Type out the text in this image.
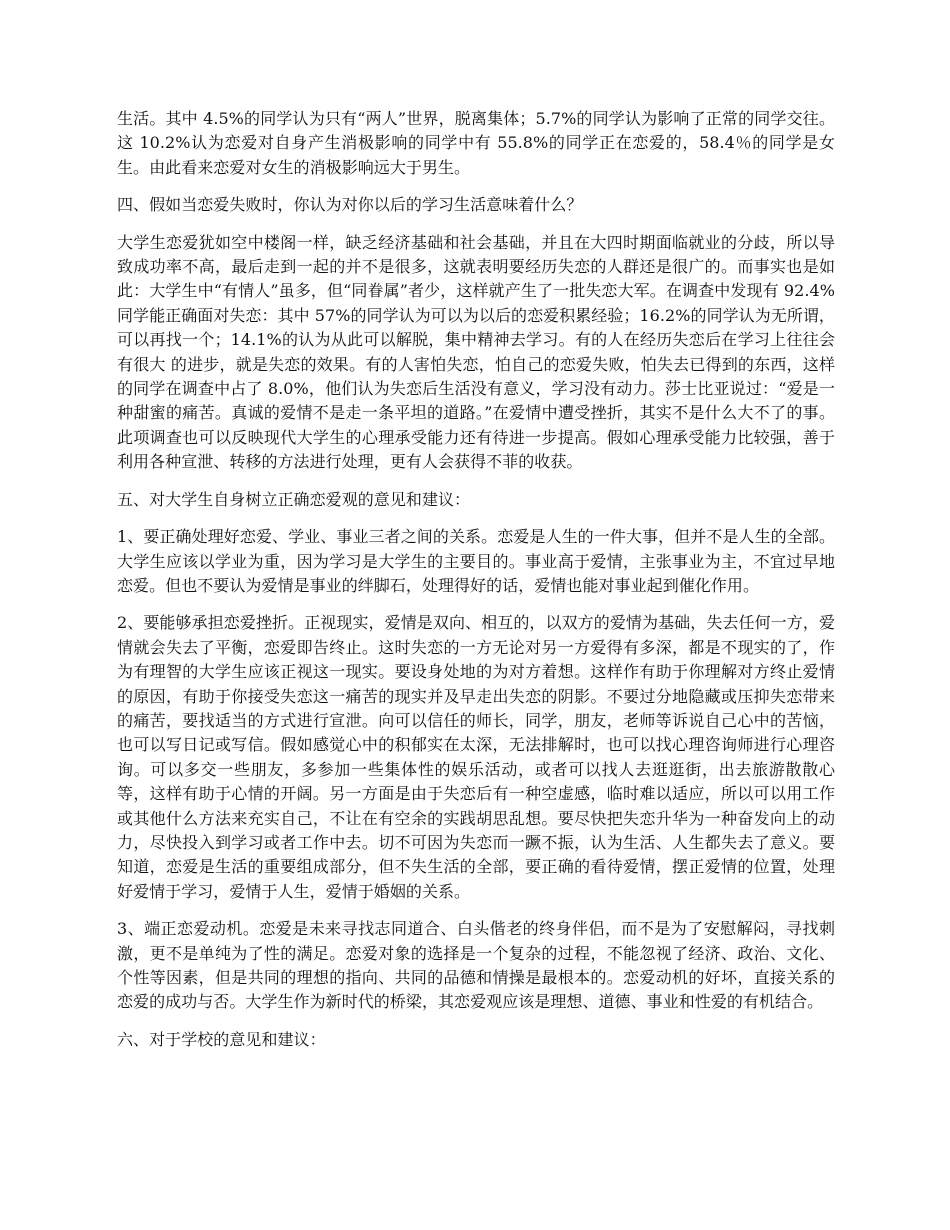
生活。其中 4.5%的同学认为只有“两人”世界，脱离集体；5.7%的同学认为影响了正常的同学交往。这 10.2%认为恋爱对自身产生消极影响的同学中有 55.8%的同学正在恋爱的，58.4％的同学是女生。由此看来恋爱对女生的消极影响远大于男生。

四、假如当恋爱失败时，你认为对你以后的学习生活意味着什么？

大学生恋爱犹如空中楼阁一样，缺乏经济基础和社会基础，并且在大四时期面临就业的分歧，所以导致成功率不高，最后走到一起的并不是很多，这就表明要经历失恋的人群还是很广的。而事实也是如此：大学生中“有情人”虽多，但“同眷属”者少，这样就产生了一批失恋大军。在调查中发现有 92.4%同学能正确面对失恋：其中 57%的同学认为可以为以后的恋爱积累经验；16.2%的同学认为无所谓，可以再找一个；14.1%的认为从此可以解脱，集中精神去学习。有的人在经历失恋后在学习上往往会有很大 的进步，就是失恋的效果。有的人害怕失恋，怕自己的恋爱失败，怕失去已得到的东西，这样的同学在调查中占了 8.0%，他们认为失恋后生活没有意义，学习没有动力。莎士比亚说过：“爱是一种甜蜜的痛苦。真诚的爱情不是走一条平坦的道路。”在爱情中遭受挫折，其实不是什么大不了的事。此项调查也可以反映现代大学生的心理承受能力还有待进一步提高。假如心理承受能力比较强，善于利用各种宣泄、转移的方法进行处理，更有人会获得不菲的收获。

五、对大学生自身树立正确恋爱观的意见和建议：

1、要正确处理好恋爱、学业、事业三者之间的关系。恋爱是人生的一件大事，但并不是人生的全部。大学生应该以学业为重，因为学习是大学生的主要目的。事业高于爱情，主张事业为主，不宜过早地恋爱。但也不要认为爱情是事业的绊脚石，处理得好的话，爱情也能对事业起到催化作用。

2、要能够承担恋爱挫折。正视现实，爱情是双向、相互的，以双方的爱情为基础，失去任何一方，爱情就会失去了平衡，恋爱即告终止。这时失恋的一方无论对另一方爱得有多深，都是不现实的了，作为有理智的大学生应该正视这一现实。要设身处地的为对方着想。这样作有助于你理解对方终止爱情的原因，有助于你接受失恋这一痛苦的现实并及早走出失恋的阴影。不要过分地隐藏或压抑失恋带来的痛苦，要找适当的方式进行宣泄。向可以信任的师长，同学，朋友，老师等诉说自己心中的苦恼，也可以写日记或写信。假如感觉心中的积郁实在太深，无法排解时，也可以找心理咨询师进行心理咨询。可以多交一些朋友，多参加一些集体性的娱乐活动，或者可以找人去逛逛街，出去旅游散散心等，这样有助于心情的开阔。另一方面是由于失恋后有一种空虚感，临时难以适应，所以可以用工作或其他什么方法来充实自己，不让在有空余的实践胡思乱想。要尽快把失恋升华为一种奋发向上的动力，尽快投入到学习或者工作中去。切不可因为失恋而一蹶不振，认为生活、人生都失去了意义。要知道，恋爱是生活的重要组成部分，但不失生活的全部，要正确的看待爱情，摆正爱情的位置，处理好爱情于学习，爱情于人生，爱情于婚姻的关系。

3、端正恋爱动机。恋爱是未来寻找志同道合、白头偕老的终身伴侣，而不是为了安慰解闷，寻找刺激，更不是单纯为了性的满足。恋爱对象的选择是一个复杂的过程，不能忽视了经济、政治、文化、个性等因素，但是共同的理想的指向、共同的品德和情操是最根本的。恋爱动机的好坏，直接关系的恋爱的成功与否。大学生作为新时代的桥梁，其恋爱观应该是理想、道德、事业和性爱的有机结合。

六、对于学校的意见和建议：
